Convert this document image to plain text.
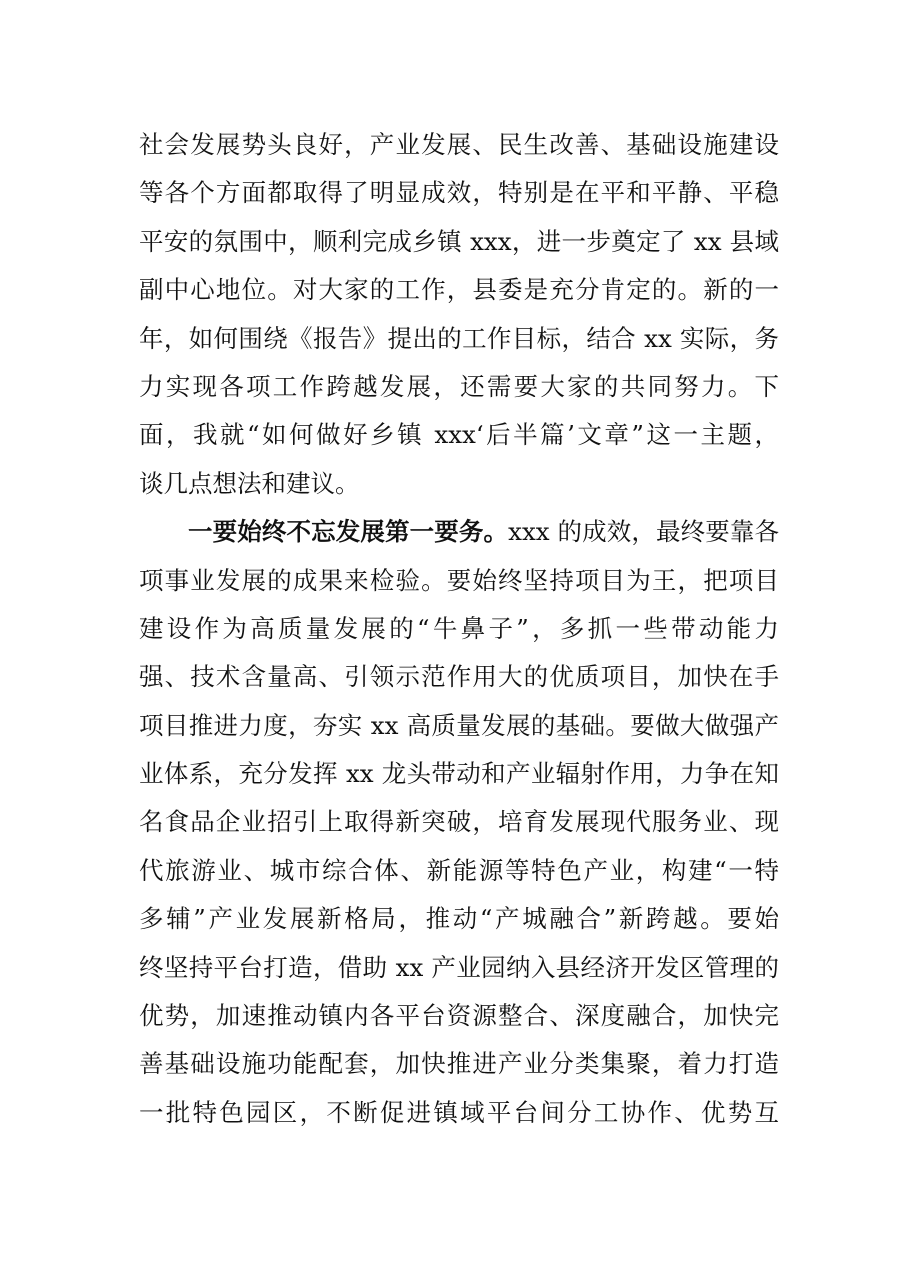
社会发展势头良好，产业发展、民生改善、基础设施建设
等各个方面都取得了明显成效，特别是在平和平静、平稳
平安的氛围中，顺利完成乡镇 xxx，进一步奠定了 xx 县域
副中心地位。对大家的工作，县委是充分肯定的。新的一
年，如何围绕《报告》提出的工作目标，结合 xx 实际，务
力实现各项工作跨越发展，还需要大家的共同努力。下
面，我就“如何做好乡镇 xxx‘后半篇’文章”这一主题，
谈几点想法和建议。
一要始终不忘发展第一要务。xxx 的成效，最终要靠各
项事业发展的成果来检验。要始终坚持项目为王，把项目
建设作为高质量发展的“牛鼻子”，多抓一些带动能力
强、技术含量高、引领示范作用大的优质项目，加快在手
项目推进力度，夯实 xx 高质量发展的基础。要做大做强产
业体系，充分发挥 xx 龙头带动和产业辐射作用，力争在知
名食品企业招引上取得新突破，培育发展现代服务业、现
代旅游业、城市综合体、新能源等特色产业，构建“一特
多辅”产业发展新格局，推动“产城融合”新跨越。要始
终坚持平台打造，借助 xx 产业园纳入县经济开发区管理的
优势，加速推动镇内各平台资源整合、深度融合，加快完
善基础设施功能配套，加快推进产业分类集聚，着力打造
一批特色园区，不断促进镇域平台间分工协作、优势互
